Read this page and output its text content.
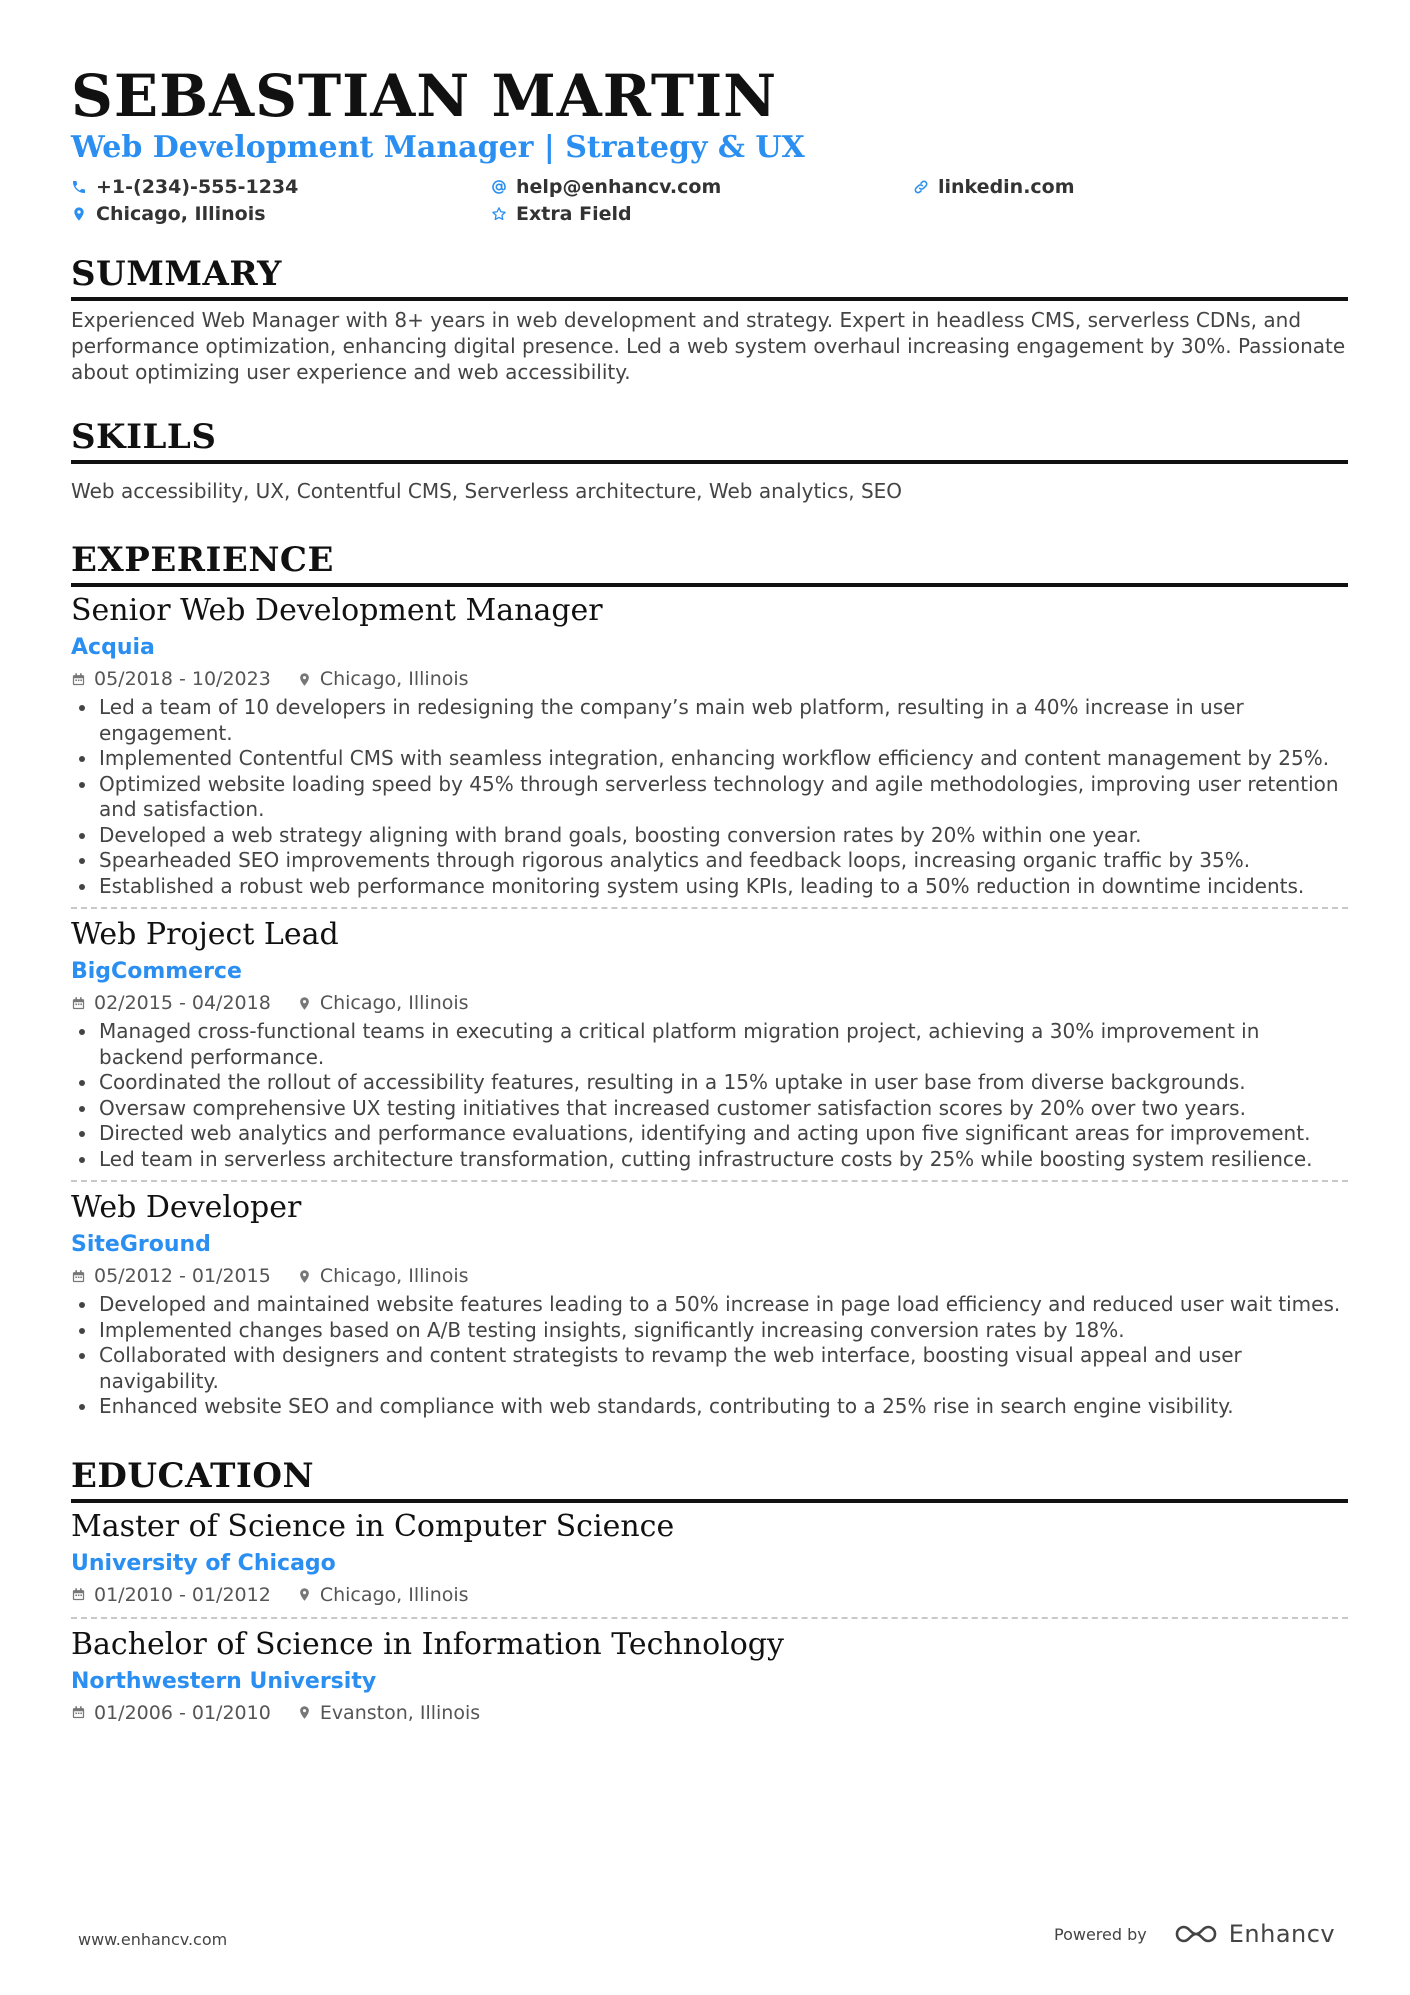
SEBASTIAN MARTIN
Web Development Manager | Strategy & UX
+1-(234)-555-1234	help@enhancv.com	linkedin.com
Chicago, Illinois	Extra Field
SUMMARY
Experienced Web Manager with 8+ years in web development and strategy. Expert in headless CMS, serverless CDNs, and performance optimization, enhancing digital presence. Led a web system overhaul increasing engagement by 30%. Passionate about optimizing user experience and web accessibility.
SKILLS
Web accessibility, UX, Contentful CMS, Serverless architecture, Web analytics, SEO
EXPERIENCE
Senior Web Development Manager
Acquia
05/2018 - 10/2023	Chicago, Illinois
Led a team of 10 developers in redesigning the company’s main web platform, resulting in a 40% increase in user engagement.
Implemented Contentful CMS with seamless integration, enhancing workflow efficiency and content management by 25%.
Optimized website loading speed by 45% through serverless technology and agile methodologies, improving user retention and satisfaction.
Developed a web strategy aligning with brand goals, boosting conversion rates by 20% within one year.
Spearheaded SEO improvements through rigorous analytics and feedback loops, increasing organic traffic by 35%.
Established a robust web performance monitoring system using KPIs, leading to a 50% reduction in downtime incidents.
Web Project Lead
BigCommerce
02/2015 - 04/2018	Chicago, Illinois
Managed cross-functional teams in executing a critical platform migration project, achieving a 30% improvement in backend performance.
Coordinated the rollout of accessibility features, resulting in a 15% uptake in user base from diverse backgrounds.
Oversaw comprehensive UX testing initiatives that increased customer satisfaction scores by 20% over two years.
Directed web analytics and performance evaluations, identifying and acting upon five significant areas for improvement.
Led team in serverless architecture transformation, cutting infrastructure costs by 25% while boosting system resilience.
Web Developer
SiteGround
05/2012 - 01/2015	Chicago, Illinois
Developed and maintained website features leading to a 50% increase in page load efficiency and reduced user wait times.
Implemented changes based on A/B testing insights, significantly increasing conversion rates by 18%.
Collaborated with designers and content strategists to revamp the web interface, boosting visual appeal and user navigability.
Enhanced website SEO and compliance with web standards, contributing to a 25% rise in search engine visibility.
EDUCATION
Master of Science in Computer Science
University of Chicago
01/2010 - 01/2012	Chicago, Illinois
Bachelor of Science in Information Technology
Northwestern University
01/2006 - 01/2010	Evanston, Illinois
www.enhancv.com	Powered by	Enhancv
